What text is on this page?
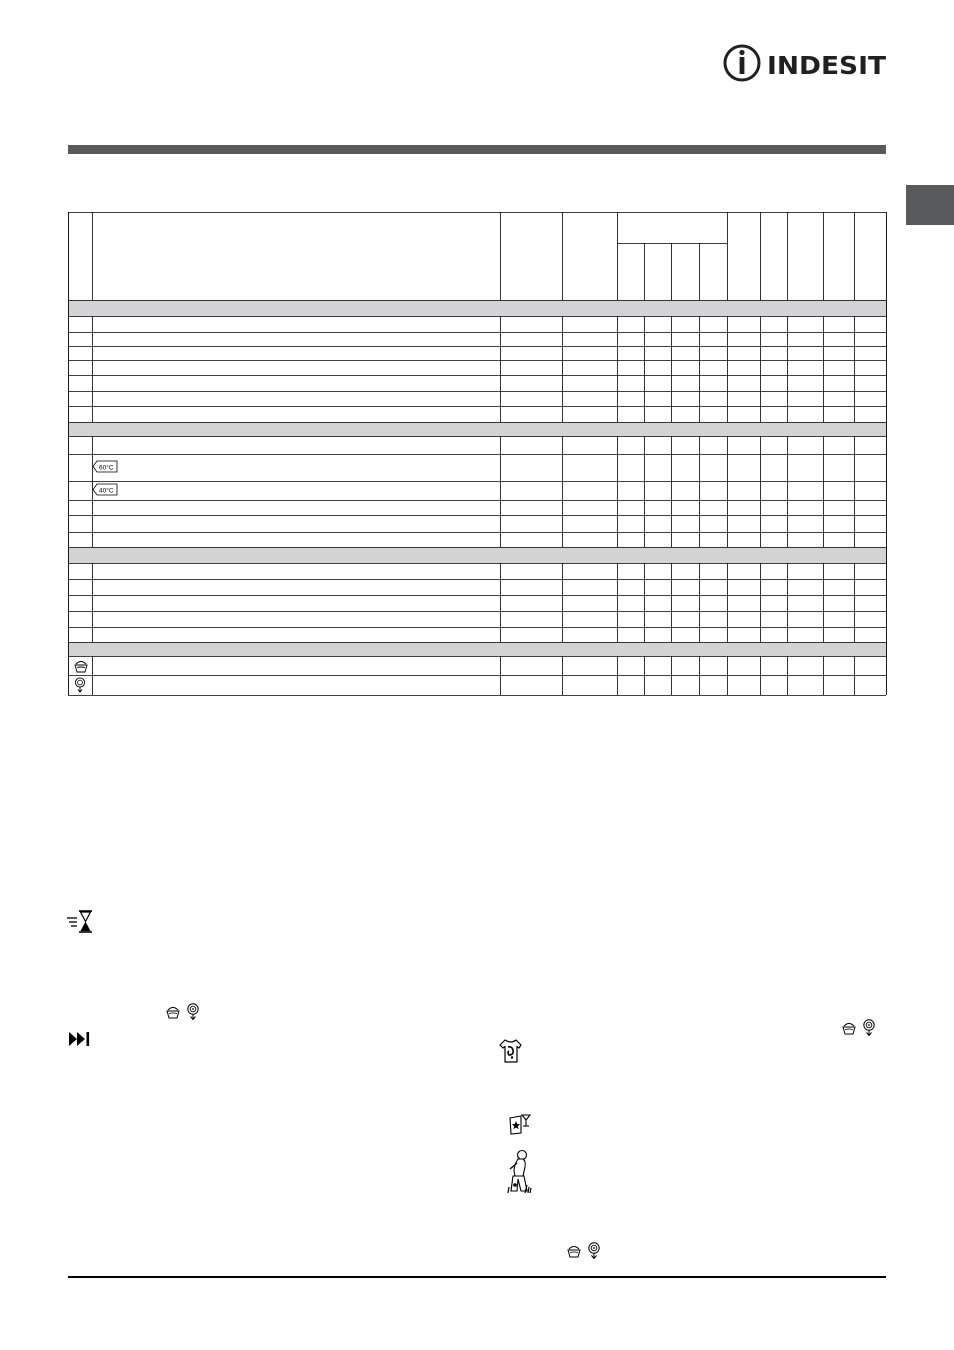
INDESIT
60°C
40°C
